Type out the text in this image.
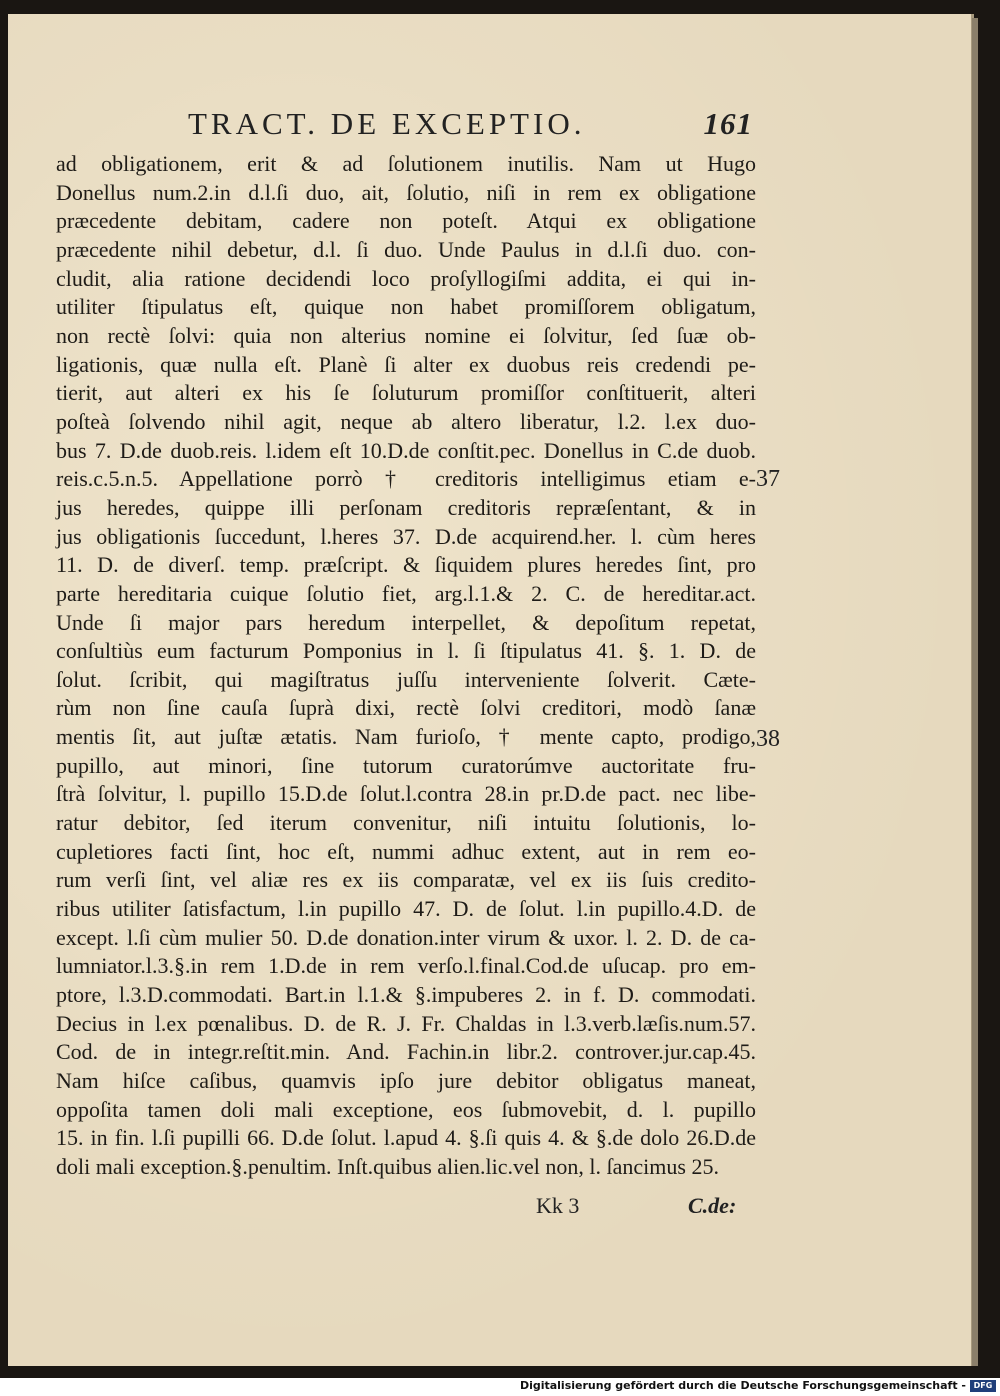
TRACT. DE EXCEPTIO.	161
ad obligationem, erit & ad ſolutionem inutilis. Nam ut Hugo
Donellus num.2.in d.l.ſi duo, ait, ſolutio, niſi in rem ex obligatione
præcedente debitam, cadere non poteſt. Atqui ex obligatione
præcedente nihil debetur, d.l. ſi duo. Unde Paulus in d.l.ſi duo. con-
cludit, alia ratione decidendi loco proſyllogiſmi addita, ei qui in-
utiliter ſtipulatus eſt, quique non habet promiſſorem obligatum,
non rectè ſolvi: quia non alterius nomine ei ſolvitur, ſed ſuæ ob-
ligationis, quæ nulla eſt. Planè ſi alter ex duobus reis credendi pe-
tierit, aut alteri ex his ſe ſoluturum promiſſor conſtituerit, alteri
poſteà ſolvendo nihil agit, neque ab altero liberatur, l.2. l.ex duo-
bus 7. D.de duob.reis. l.idem eſt 10.D.de conſtit.pec. Donellus in C.de duob.
reis.c.5.n.5. Appellatione porrò † creditoris intelligimus etiam e-
jus heredes, quippe illi perſonam creditoris repræſentant, & in
jus obligationis ſuccedunt, l.heres 37. D.de acquirend.her. l. cùm heres
11. D. de diverſ. temp. præſcript. & ſiquidem plures heredes ſint, pro
parte hereditaria cuique ſolutio fiet, arg.l.1.& 2. C. de hereditar.act.
Unde ſi major pars heredum interpellet, & depoſitum repetat,
conſultiùs eum facturum Pomponius in l. ſi ſtipulatus 41. §. 1. D. de
ſolut. ſcribit, qui magiſtratus juſſu interveniente ſolverit. Cæte-
rùm non ſine cauſa ſuprà dixi, rectè ſolvi creditori, modò ſanæ
mentis ſit, aut juſtæ ætatis. Nam furioſo, † mente capto, prodigo,
pupillo, aut minori, ſine tutorum curatorúmve auctoritate fru-
ſtrà ſolvitur, l. pupillo 15.D.de ſolut.l.contra 28.in pr.D.de pact. nec libe-
ratur debitor, ſed iterum convenitur, niſi intuitu ſolutionis, lo-
cupletiores facti ſint, hoc eſt, nummi adhuc extent, aut in rem eo-
rum verſi ſint, vel aliæ res ex iis comparatæ, vel ex iis ſuis credito-
ribus utiliter ſatisfactum, l.in pupillo 47. D. de ſolut. l.in pupillo.4.D. de
except. l.ſi cùm mulier 50. D.de donation.inter virum & uxor. l. 2. D. de ca-
lumniator.l.3.§.in rem 1.D.de in rem verſo.l.final.Cod.de uſucap. pro em-
ptore, l.3.D.commodati. Bart.in l.1.& §.impuberes 2. in f. D. commodati.
Decius in l.ex pœnalibus. D. de R. J. Fr. Chaldas in l.3.verb.læſis.num.57.
Cod. de in integr.reſtit.min. And. Fachin.in libr.2. controver.jur.cap.45.
Nam hiſce caſibus, quamvis ipſo jure debitor obligatus maneat,
oppoſita tamen doli mali exceptione, eos ſubmovebit, d. l. pupillo
15. in fin. l.ſi pupilli 66. D.de ſolut. l.apud 4. §.ſi quis 4. & §.de dolo 26.D.de
doli mali exception.§.penultim. Inſt.quibus alien.lic.vel non, l. ſancimus 25.
37
38
Kk 3	C.de:
Digitalisierung gefördert durch die Deutsche Forschungsgemeinschaft - DFG
